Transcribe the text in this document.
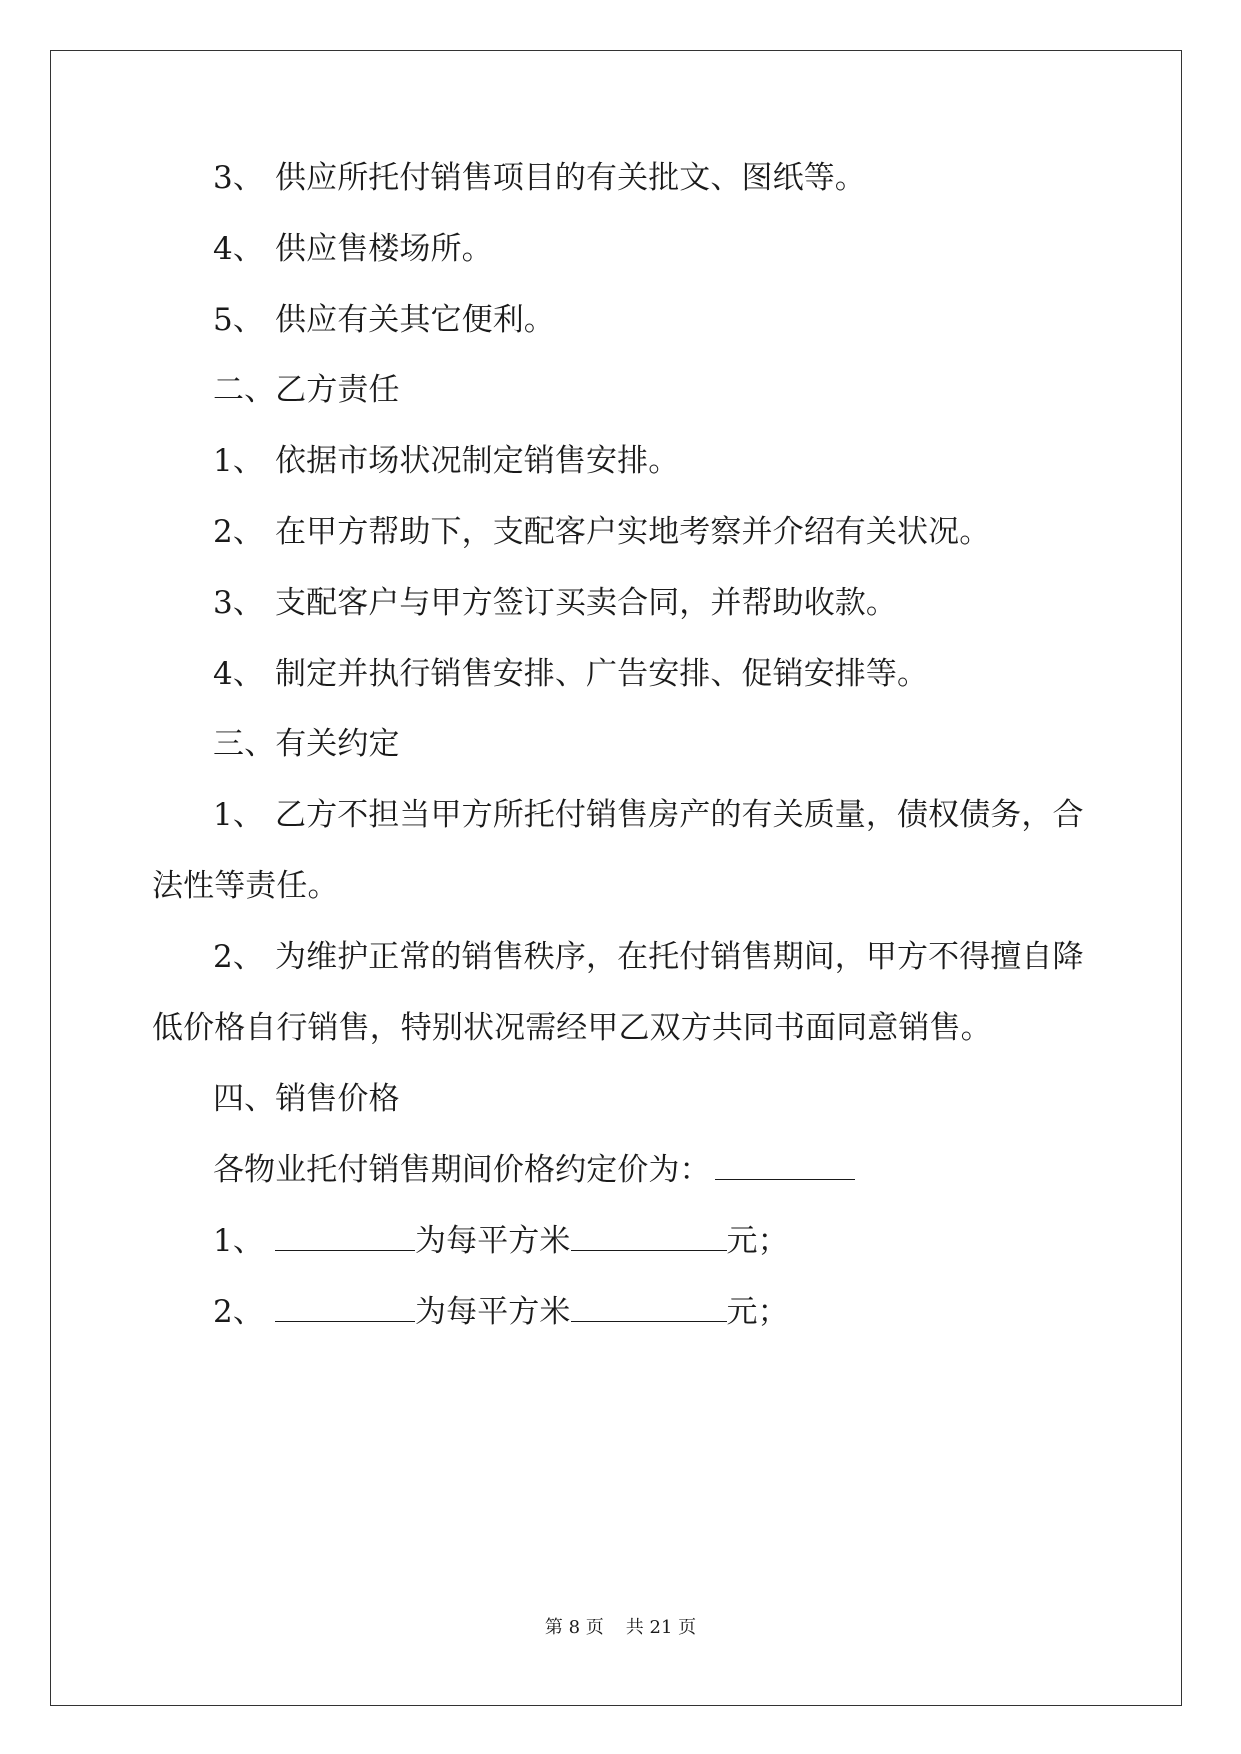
3、 供应所托付销售项目的有关批文、图纸等。
4、 供应售楼场所。
5、 供应有关其它便利。
二、乙方责任
1、 依据市场状况制定销售安排。
2、 在甲方帮助下，支配客户实地考察并介绍有关状况。
3、 支配客户与甲方签订买卖合同，并帮助收款。
4、 制定并执行销售安排、广告安排、促销安排等。
三、有关约定
1、 乙方不担当甲方所托付销售房产的有关质量，债权债务，合
法性等责任。
2、 为维护正常的销售秩序，在托付销售期间，甲方不得擅自降
低价格自行销售，特别状况需经甲乙双方共同书面同意销售。
四、销售价格
各物业托付销售期间价格约定价为：
1、	为每平方米	元；
2、	为每平方米	元；
第 8 页 共 21 页
